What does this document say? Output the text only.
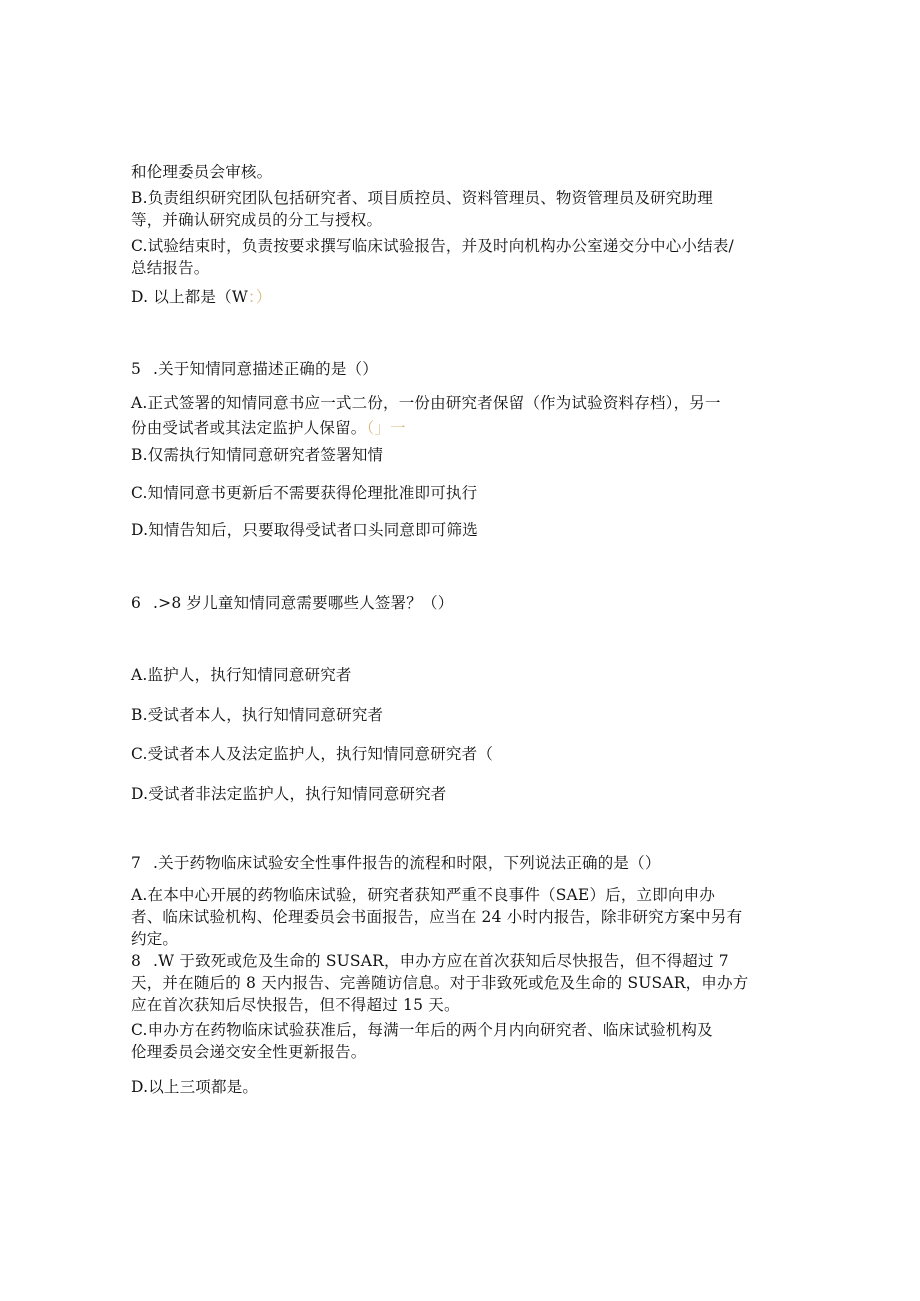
和伦理委员会审核。
B.负责组织研究团队包括研究者、项目质控员、资料管理员、物资管理员及研究助理
等，并确认研究成员的分工与授权。
C.试验结束时，负责按要求撰写临床试验报告，并及时向机构办公室递交分中心小结表/
总结报告。
D. 以上都是（W：）
5 .关于知情同意描述正确的是（）
A.正式签署的知情同意书应一式二份，一份由研究者保留（作为试验资料存档），另一
份由受试者或其法定监护人保留。（」一
B.仅需执行知情同意研究者签署知情
C.知情同意书更新后不需要获得伦理批准即可执行
D.知情告知后，只要取得受试者口头同意即可筛选
6 .>8 岁儿童知情同意需要哪些人签署？（）
A.监护人，执行知情同意研究者
B.受试者本人，执行知情同意研究者
C.受试者本人及法定监护人，执行知情同意研究者（
D.受试者非法定监护人，执行知情同意研究者
7 .关于药物临床试验安全性事件报告的流程和时限，下列说法正确的是（）
A.在本中心开展的药物临床试验，研究者获知严重不良事件（SAE）后，立即向申办
者、临床试验机构、伦理委员会书面报告，应当在 24 小时内报告，除非研究方案中另有
约定。
8 .W 于致死或危及生命的 SUSAR，申办方应在首次获知后尽快报告，但不得超过 7
天，并在随后的 8 天内报告、完善随访信息。对于非致死或危及生命的 SUSAR，申办方
应在首次获知后尽快报告，但不得超过 15 天。
C.申办方在药物临床试验获准后，每满一年后的两个月内向研究者、临床试验机构及
伦理委员会递交安全性更新报告。
D.以上三项都是。
